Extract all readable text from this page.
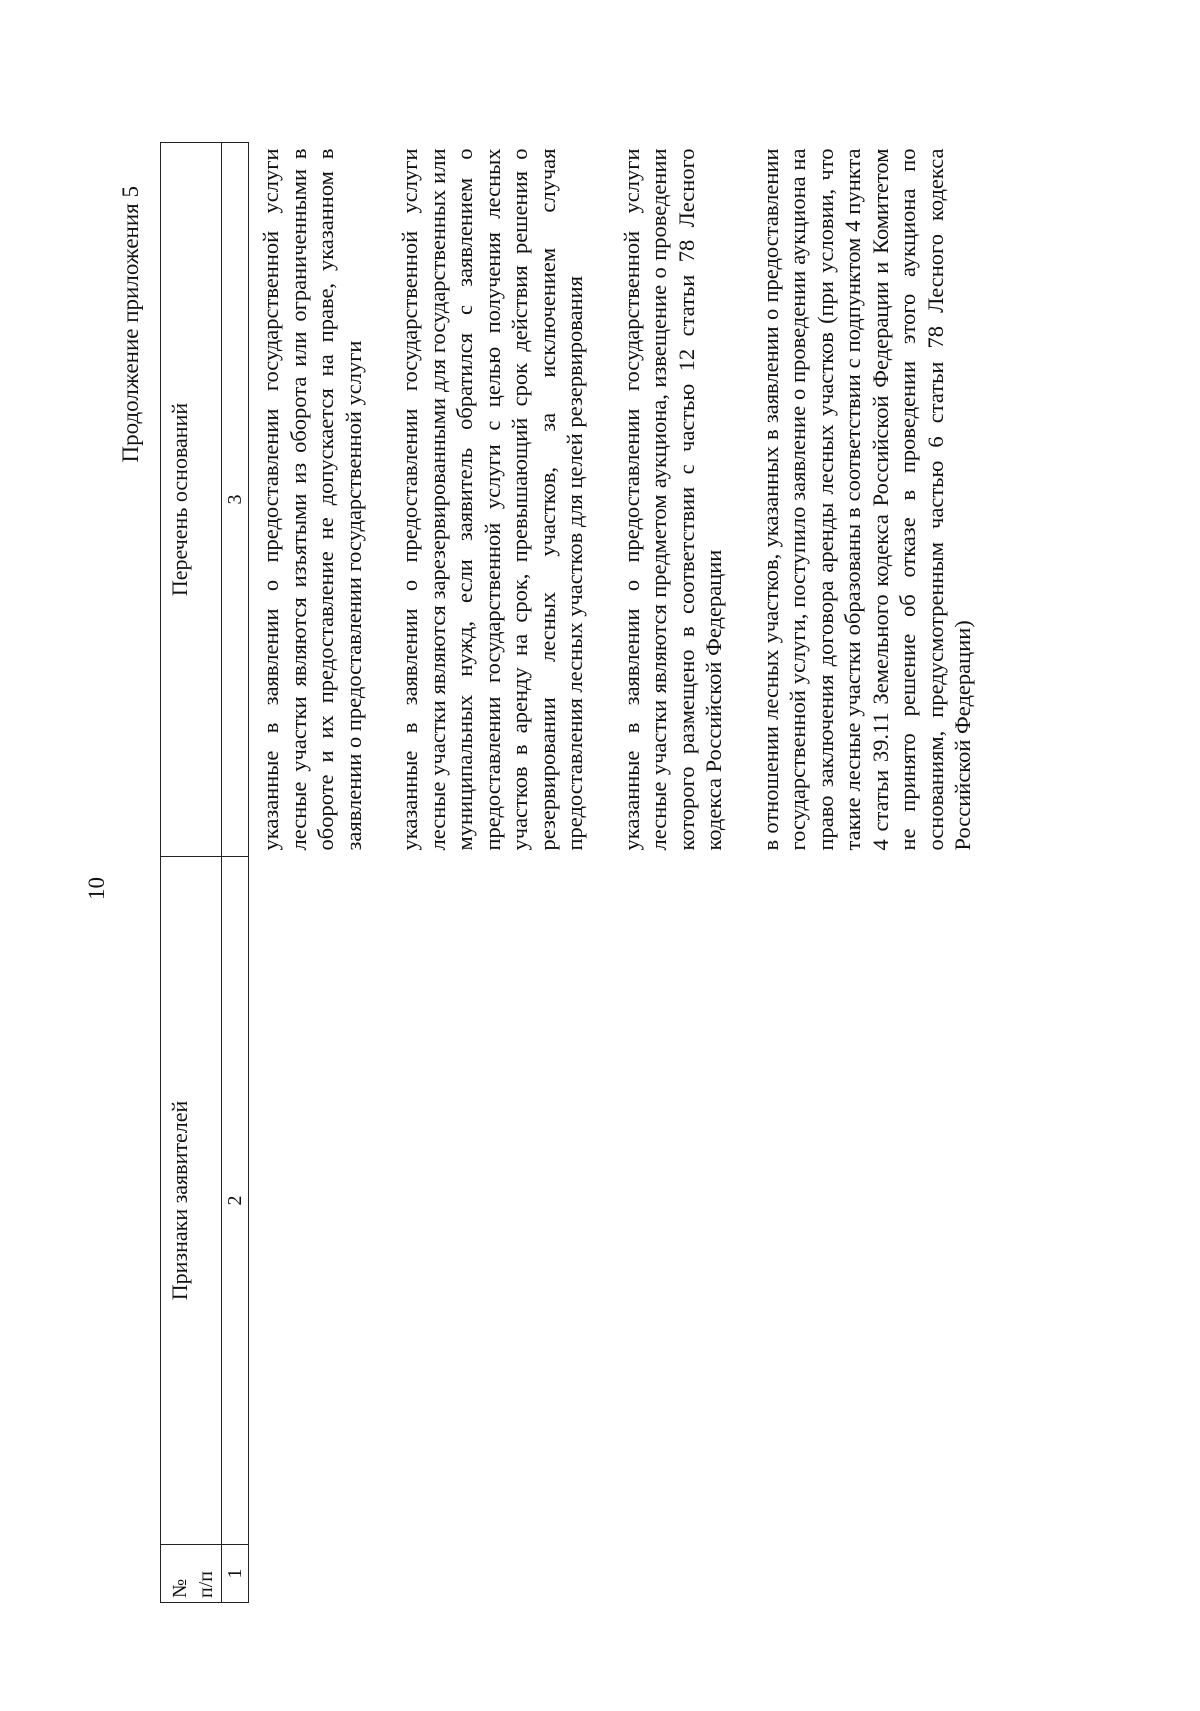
10
Продолжение приложения 5
№
п/п	Признаки заявителей	Перечень оснований
1	2	3

		указанные в заявлении о предоставлении государственной услуги лесные участки являются изъятыми из оборота или ограниченными в обороте и их предоставление не допускается на праве, указанном в заявлении о предоставлении государственной услуги указанные в заявлении о предоставлении государственной услуги лесные участки являются зарезервированными для государственных или муниципальных нужд, если заявитель обратился с заявлением о предоставлении государственной услуги с целью получения лесных участков в аренду на срок, превышающий срок действия решения о резервировании лесных участков, за исключением случая предоставления лесных участков для целей резервирования указанные в заявлении о предоставлении государственной услуги лесные участки являются предметом аукциона, извещение о проведении которого размещено в соответствии с частью 12 статьи 78 Лесного кодекса Российской Федерации в отношении лесных участков, указанных в заявлении о предоставлении государственной услуги, поступило заявление о проведении аукциона на право заключения договора аренды лесных участков (при условии, что такие лесные участки образованы в соответствии с подпунктом 4 пункта 4 статьи 39.11 Земельного кодекса Российской Федерации и Комитетом не принято решение об отказе в проведении этого аукциона по основаниям, предусмотренным частью 6 статьи 78 Лесного кодекса Российской Федерации)
